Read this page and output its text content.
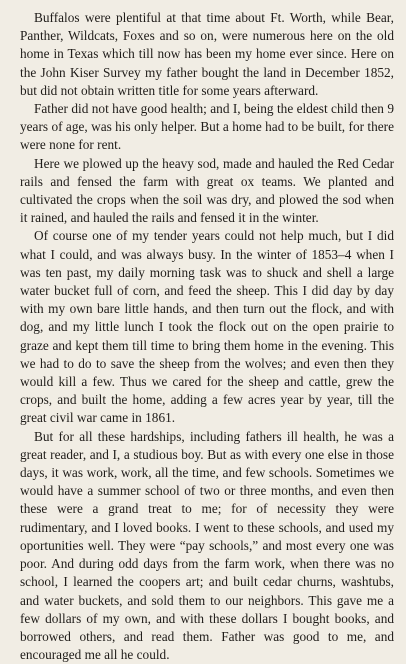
Buffalos were plentiful at that time about Ft. Worth, while Bear, Panther, Wildcats, Foxes and so on, were numerous here on the old home in Texas which till now has been my home ever since. Here on the John Kiser Survey my father bought the land in December 1852, but did not obtain written title for some years afterward.

Father did not have good health; and I, being the eldest child then 9 years of age, was his only helper. But a home had to be built, for there were none for rent.

Here we plowed up the heavy sod, made and hauled the Red Cedar rails and fensed the farm with great ox teams. We planted and cultivated the crops when the soil was dry, and plowed the sod when it rained, and hauled the rails and fensed it in the winter.

Of course one of my tender years could not help much, but I did what I could, and was always busy. In the winter of 1853–4 when I was ten past, my daily morning task was to shuck and shell a large water bucket full of corn, and feed the sheep. This I did day by day with my own bare little hands, and then turn out the flock, and with dog, and my little lunch I took the flock out on the open prairie to graze and kept them till time to bring them home in the evening. This we had to do to save the sheep from the wolves; and even then they would kill a few. Thus we cared for the sheep and cattle, grew the crops, and built the home, adding a few acres year by year, till the great civil war came in 1861.

But for all these hardships, including fathers ill health, he was a great reader, and I, a studious boy. But as with every one else in those days, it was work, work, all the time, and few schools. Sometimes we would have a summer school of two or three months, and even then these were a grand treat to me; for of necessity they were rudimentary, and I loved books. I went to these schools, and used my oportunities well. They were “pay schools,” and most every one was poor. And during odd days from the farm work, when there was no school, I learned the coopers art; and built cedar churns, washtubs, and water buckets, and sold them to our neighbors. This gave me a few dollars of my own, and with these dollars I bought books, and borrowed others, and read them. Father was good to me, and encouraged me all he could.
